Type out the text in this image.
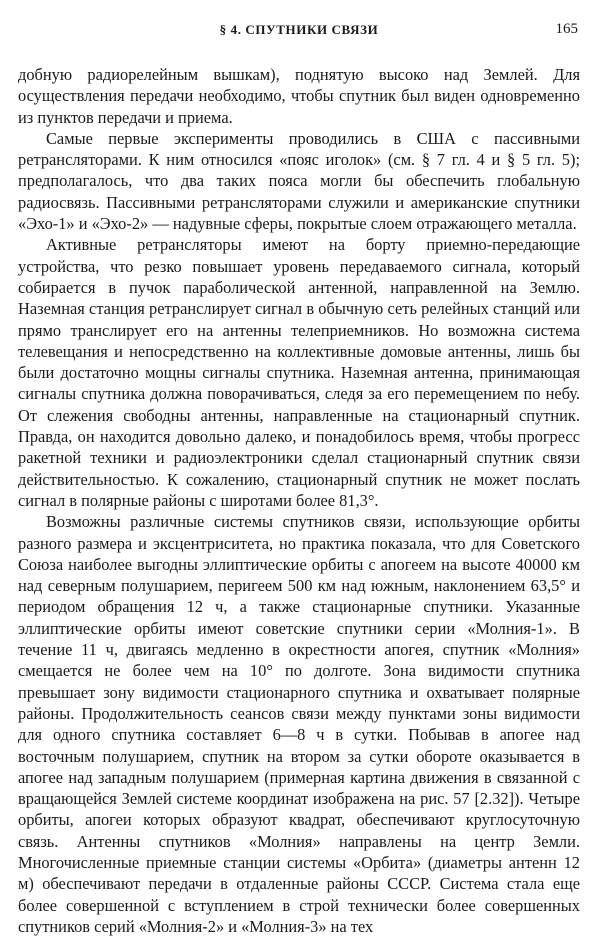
§ 4. СПУТНИКИ СВЯЗИ	165

добную радиорелейным вышкам), поднятую высоко над Землей. Для осуществления передачи необходимо, чтобы спутник был виден одновременно из пунктов передачи и приема.

Самые первые эксперименты проводились в США с пассивными ретрансляторами. К ним относился «пояс иголок» (см. § 7 гл. 4 и § 5 гл. 5); предполагалось, что два таких пояса могли бы обеспечить глобальную радиосвязь. Пассивными ретрансляторами служили и американские спутники «Эхо-1» и «Эхо-2» — надувные сферы, покрытые слоем отражающего металла.

Активные ретрансляторы имеют на борту приемно-передающие устройства, что резко повышает уровень передаваемого сигнала, который собирается в пучок параболической антенной, направленной на Землю. Наземная станция ретранслирует сигнал в обычную сеть релейных станций или прямо транслирует его на антенны телеприемников. Но возможна система телевещания и непосредственно на коллективные домовые антенны, лишь бы были достаточно мощны сигналы спутника. Наземная антенна, принимающая сигналы спутника должна поворачиваться, следя за его перемещением по небу. От слежения свободны антенны, направленные на стационарный спутник. Правда, он находится довольно далеко, и понадобилось время, чтобы прогресс ракетной техники и радиоэлектроники сделал стационарный спутник связи действительностью. К сожалению, стационарный спутник не может послать сигнал в полярные районы с широтами более 81,3°.

Возможны различные системы спутников связи, использующие орбиты разного размера и эксцентриситета, но практика показала, что для Советского Союза наиболее выгодны эллиптические орбиты с апогеем на высоте 40000 км над северным полушарием, перигеем 500 км над южным, наклонением 63,5° и периодом обращения 12 ч, а также стационарные спутники. Указанные эллиптические орбиты имеют советские спутники серии «Молния-1». В течение 11 ч, двигаясь медленно в окрестности апогея, спутник «Молния» смещается не более чем на 10° по долготе. Зона видимости спутника превышает зону видимости стационарного спутника и охватывает полярные районы. Продолжительность сеансов связи между пунктами зоны видимости для одного спутника составляет 6—8 ч в сутки. Побывав в апогее над восточным полушарием, спутник на втором за сутки обороте оказывается в апогее над западным полушарием (примерная картина движения в связанной с вращающейся Землей системе координат изображена на рис. 57 [2.32]). Четыре орбиты, апогеи которых образуют квадрат, обеспечивают круглосуточную связь. Антенны спутников «Молния» направлены на центр Земли. Многочисленные приемные станции системы «Орбита» (диаметры антенн 12 м) обеспечивают передачи в отдаленные районы СССР. Система стала еще более совершенной с вступлением в строй технически более совершенных спутников серий «Молния-2» и «Молния-3» на тех
